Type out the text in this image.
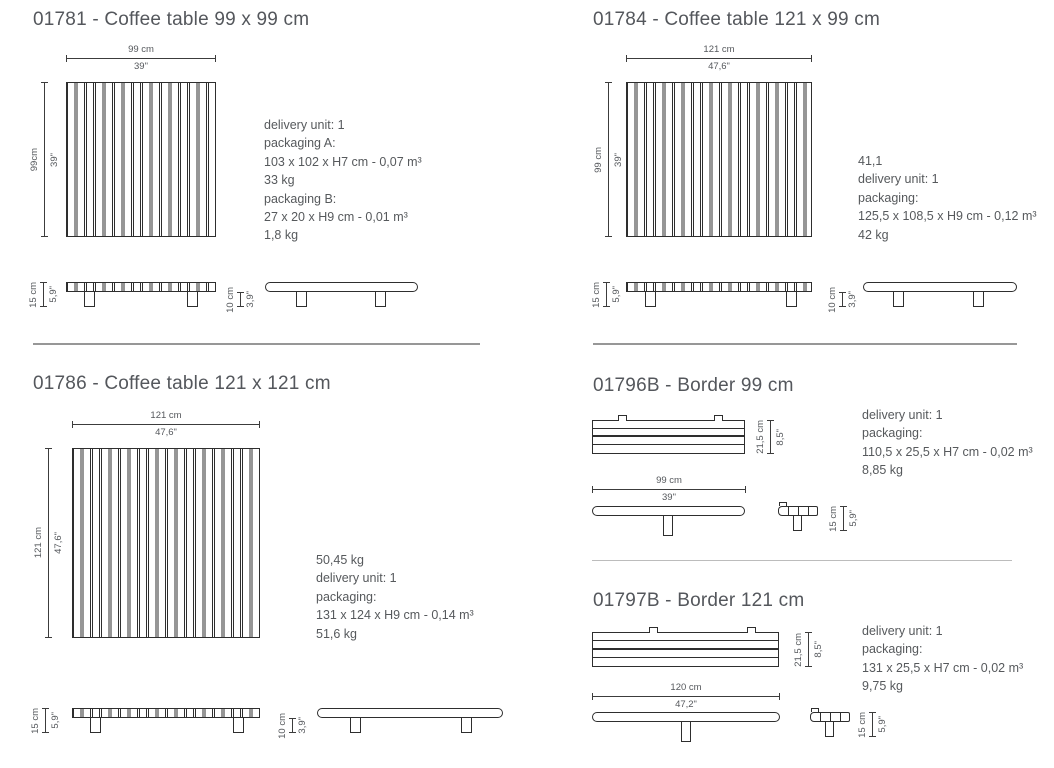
01781 - Coffee table 99 x 99 cm
99 cm
39"
99cm 39"
delivery unit: 1
packaging A:
103 x 102 x H7 cm - 0,07 m³
33 kg
packaging B:
27 x 20 x H9 cm - 0,01 m³
1,8 kg
15 cm 5,9"	10 cm 3,9"
01784 - Coffee table 121 x 99 cm
121 cm
47,6"
99 cm 39"	41,1
delivery unit: 1
packaging:
125,5 x 108,5 x H9 cm - 0,12 m³
42 kg
15 cm 5,9"	10 cm 3,9"
01786 - Coffee table 121 x 121 cm
121 cm
47,6"
121 cm 47,6"
50,45 kg
delivery unit: 1
packaging:
131 x 124 x H9 cm - 0,14 m³
51,6 kg
15 cm 5,9"	10 cm 3,9"
01796B - Border 99 cm
21,5 cm 8,5"
delivery unit: 1
packaging:
110,5 x 25,5 x H7 cm - 0,02 m³
8,85 kg
99 cm
39"
15 cm 5,9"
01797B - Border 121 cm
21,5 cm 8,5"
delivery unit: 1
packaging:
131 x 25,5 x H7 cm - 0,02 m³
9,75 kg
120 cm
47,2"
15 cm 5,9"
